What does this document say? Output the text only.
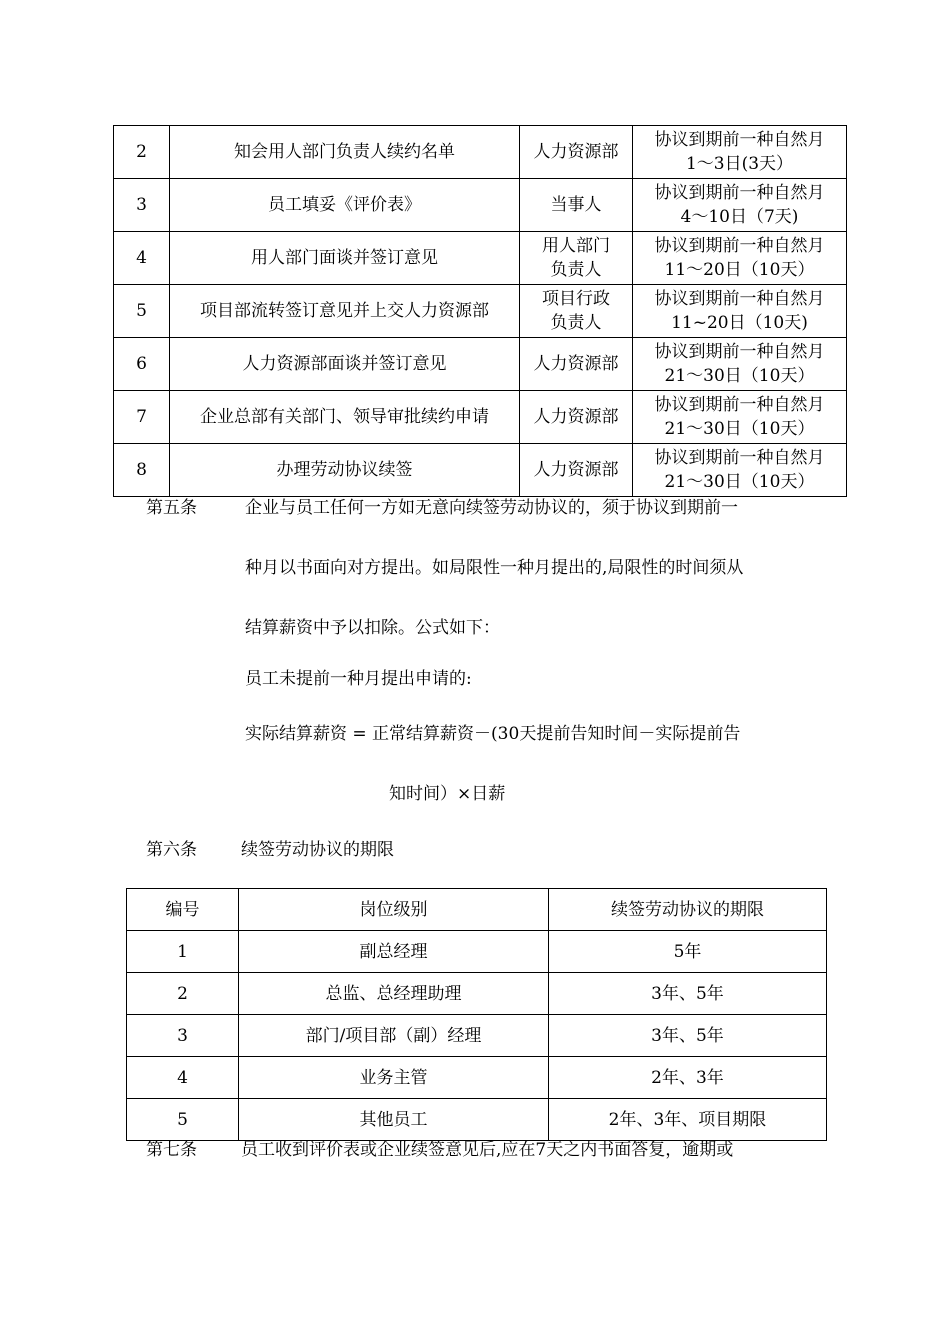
2	知会用人部门负责人续约名单	人力资源部	协议到期前一种自然月
1～3日(3天）

3	员工填妥《评价表》	当事人	协议到期前一种自然月
4～10日（7天)

4	用人部门面谈并签订意见	用人部门
负责人	协议到期前一种自然月
11～20日（10天）

5	项目部流转签订意见并上交人力资源部	项目行政
负责人	协议到期前一种自然月
11~20日（10天)

6	人力资源部面谈并签订意见	人力资源部	协议到期前一种自然月
21～30日（10天）

7	企业总部有关部门、领导审批续约申请	人力资源部	协议到期前一种自然月
21～30日（10天）

8	办理劳动协议续签	人力资源部	协议到期前一种自然月
21～30日（10天）
第五条	企业与员工任何一方如无意向续签劳动协议的，须于协议到期前一
种月以书面向对方提出。如局限性一种月提出的,局限性的时间须从
结算薪资中予以扣除。公式如下：
员工未提前一种月提出申请的:
实际结算薪资 = 正常结算薪资－(30天提前告知时间－实际提前告
知时间）×日薪
第六条	续签劳动协议的期限
编号	岗位级别	续签劳动协议的期限
1	副总经理	5年
2	总监、总经理助理	3年、5年
3	部门/项目部（副）经理	3年、5年
4	业务主管	2年、3年
5	其他员工	2年、3年、项目期限
第七条	员工收到评价表或企业续签意见后,应在7天之内书面答复，逾期或
